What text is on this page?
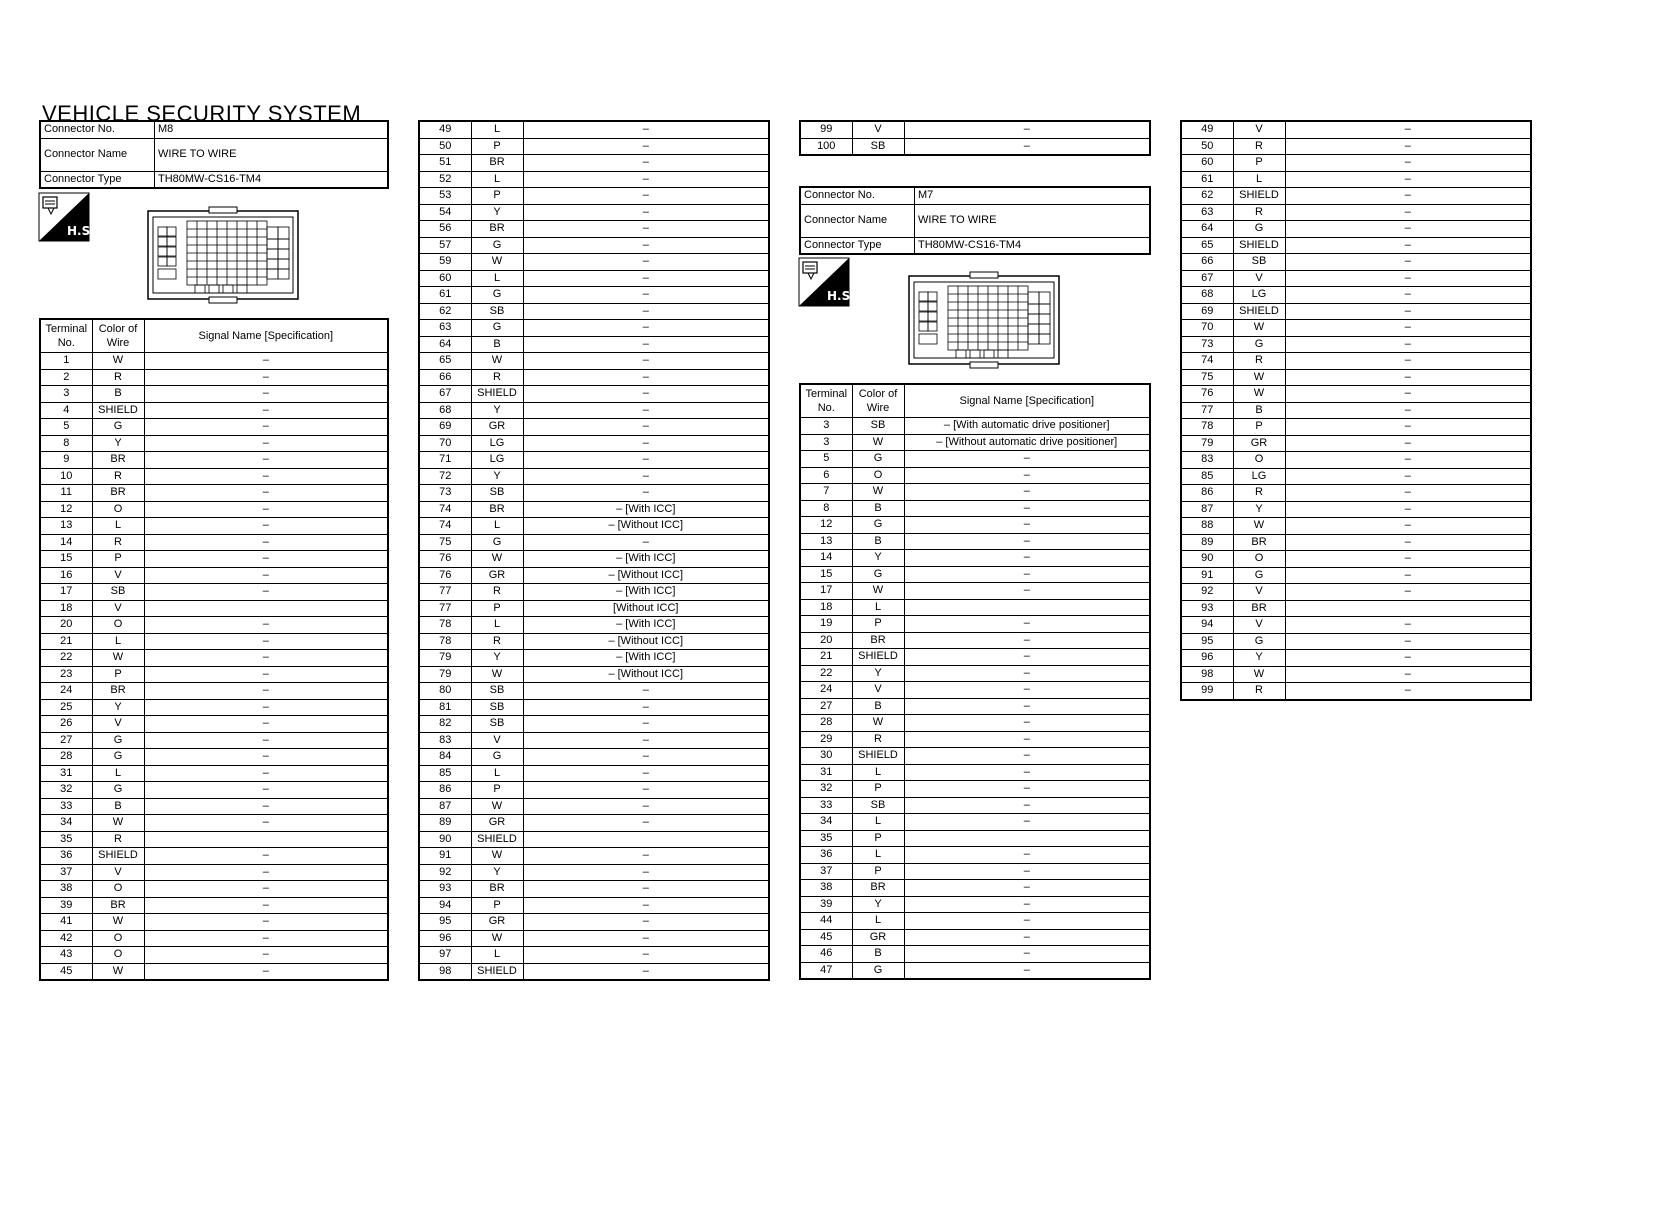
VEHICLE SECURITY SYSTEM
Connector No.	M8
Connector Name	WIRE TO WIRE
Connector Type	TH80MW-CS16-TM4
H.S.
Terminal No.	Color of Wire	Signal Name [Specification]
1	W	–
2	R	–
3	B	–
4	SHIELD	–
5	G	–
8	Y	–
9	BR	–
10	R	–
11	BR	–
12	O	–
13	L	–
14	R	–
15	P	–
16	V	–
17	SB	–
18	V	
20	O	–
21	L	–
22	W	–
23	P	–
24	BR	–
25	Y	–
26	V	–
27	G	–
28	G	–
31	L	–
32	G	–
33	B	–
34	W	–
35	R	
36	SHIELD	–
37	V	–
38	O	–
39	BR	–
41	W	–
42	O	–
43	O	–
45	W	–
49	L	–
50	P	–
51	BR	–
52	L	–
53	P	–
54	Y	–
56	BR	–
57	G	–
59	W	–
60	L	–
61	G	–
62	SB	–
63	G	–
64	B	–
65	W	–
66	R	–
67	SHIELD	–
68	Y	–
69	GR	–
70	LG	–
71	LG	–
72	Y	–
73	SB	–
74	BR	– [With ICC]
74	L	– [Without ICC]
75	G	–
76	W	– [With ICC]
76	GR	– [Without ICC]
77	R	– [With ICC]
77	P	[Without ICC]
78	L	– [With ICC]
78	R	– [Without ICC]
79	Y	– [With ICC]
79	W	– [Without ICC]
80	SB	–
81	SB	–
82	SB	–
83	V	–
84	G	–
85	L	–
86	P	–
87	W	–
89	GR	–
90	SHIELD	
91	W	–
92	Y	–
93	BR	–
94	P	–
95	GR	–
96	W	–
97	L	–
98	SHIELD	–
99	V	–
100	SB	–
Connector No.	M7
Connector Name	WIRE TO WIRE
Connector Type	TH80MW-CS16-TM4
H.S.
Terminal No.	Color of Wire	Signal Name [Specification]
3	SB	– [With automatic drive positioner]
3	W	– [Without automatic drive positioner]
5	G	–
6	O	–
7	W	–
8	B	–
12	G	–
13	B	–
14	Y	–
15	G	–
17	W	–
18	L	
19	P	–
20	BR	–
21	SHIELD	–
22	Y	–
24	V	–
27	B	–
28	W	–
29	R	–
30	SHIELD	–
31	L	–
32	P	–
33	SB	–
34	L	–
35	P	
36	L	–
37	P	–
38	BR	–
39	Y	–
44	L	–
45	GR	–
46	B	–
47	G	–
49	V	–
50	R	–
60	P	–
61	L	–
62	SHIELD	–
63	R	–
64	G	–
65	SHIELD	–
66	SB	–
67	V	–
68	LG	–
69	SHIELD	–
70	W	–
73	G	–
74	R	–
75	W	–
76	W	–
77	B	–
78	P	–
79	GR	–
83	O	–
85	LG	–
86	R	–
87	Y	–
88	W	–
89	BR	–
90	O	–
91	G	–
92	V	–
93	BR	
94	V	–
95	G	–
96	Y	–
98	W	–
99	R	–
